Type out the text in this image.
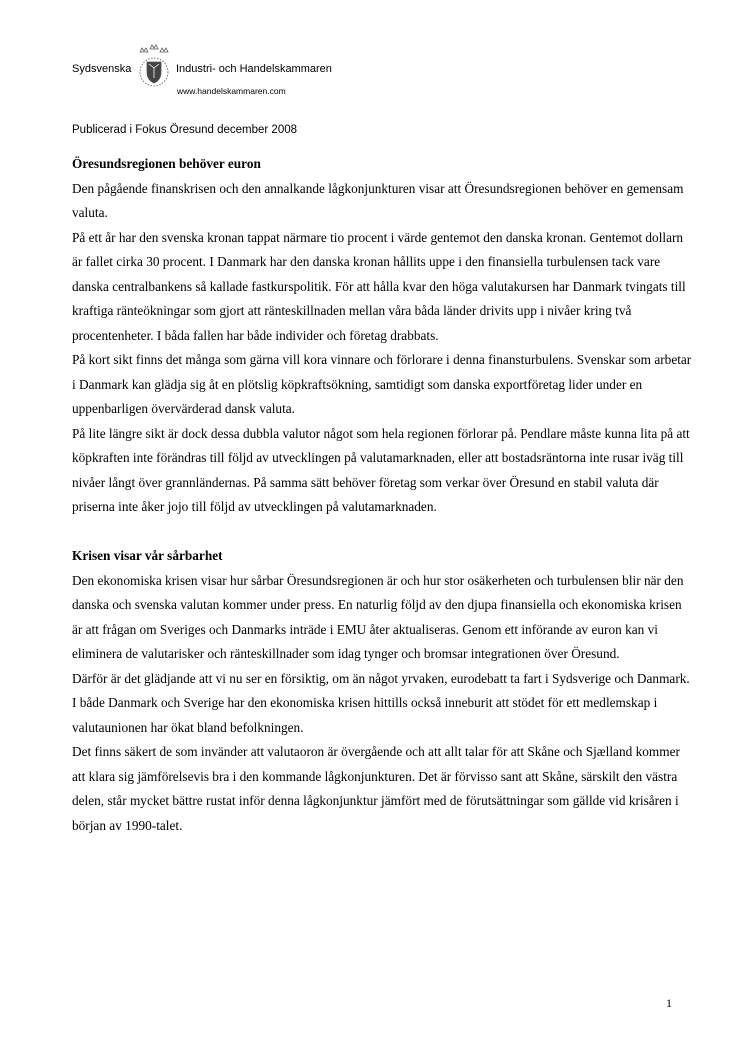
Sydsvenska	Industri- och Handelskammaren
www.handelskammaren.com
Publicerad i Fokus Öresund december 2008

Öresundsregionen behöver euron

Den pågående finanskrisen och den annalkande lågkonjunkturen visar att Öresundsregionen behöver en gemensam valuta.

På ett år har den svenska kronan tappat närmare tio procent i värde gentemot den danska kronan. Gentemot dollarn är fallet cirka 30 procent. I Danmark har den danska kronan hållits uppe i den finansiella turbulensen tack vare danska centralbankens så kallade fastkurspolitik. För att hålla kvar den höga valutakursen har Danmark tvingats till kraftiga ränteökningar som gjort att ränteskillnaden mellan våra båda länder drivits upp i nivåer kring två procentenheter. I båda fallen har både individer och företag drabbats.

På kort sikt finns det många som gärna vill kora vinnare och förlorare i denna finansturbulens. Svenskar som arbetar i Danmark kan glädja sig åt en plötslig köpkraftsökning, samtidigt som danska exportföretag lider under en uppenbarligen övervärderad dansk valuta.

På lite längre sikt är dock dessa dubbla valutor något som hela regionen förlorar på. Pendlare måste kunna lita på att köpkraften inte förändras till följd av utvecklingen på valutamarknaden, eller att bostadsräntorna inte rusar iväg till nivåer långt över grannländernas. På samma sätt behöver företag som verkar över Öresund en stabil valuta där priserna inte åker jojo till följd av utvecklingen på valutamarknaden.

Krisen visar vår sårbarhet

Den ekonomiska krisen visar hur sårbar Öresundsregionen är och hur stor osäkerheten och turbulensen blir när den danska och svenska valutan kommer under press. En naturlig följd av den djupa finansiella och ekonomiska krisen är att frågan om Sveriges och Danmarks inträde i EMU åter aktualiseras. Genom ett införande av euron kan vi eliminera de valutarisker och ränteskillnader som idag tynger och bromsar integrationen över Öresund.

Därför är det glädjande att vi nu ser en försiktig, om än något yrvaken, eurodebatt ta fart i Sydsverige och Danmark. I både Danmark och Sverige har den ekonomiska krisen hittills också inneburit att stödet för ett medlemskap i valutaunionen har ökat bland befolkningen.

Det finns säkert de som invänder att valutaoron är övergående och att allt talar för att Skåne och Sjælland kommer att klara sig jämförelsevis bra i den kommande lågkonjunkturen. Det är förvisso sant att Skåne, särskilt den västra delen, står mycket bättre rustat inför denna lågkonjunktur jämfört med de förutsättningar som gällde vid krisåren i början av 1990-talet.

1
